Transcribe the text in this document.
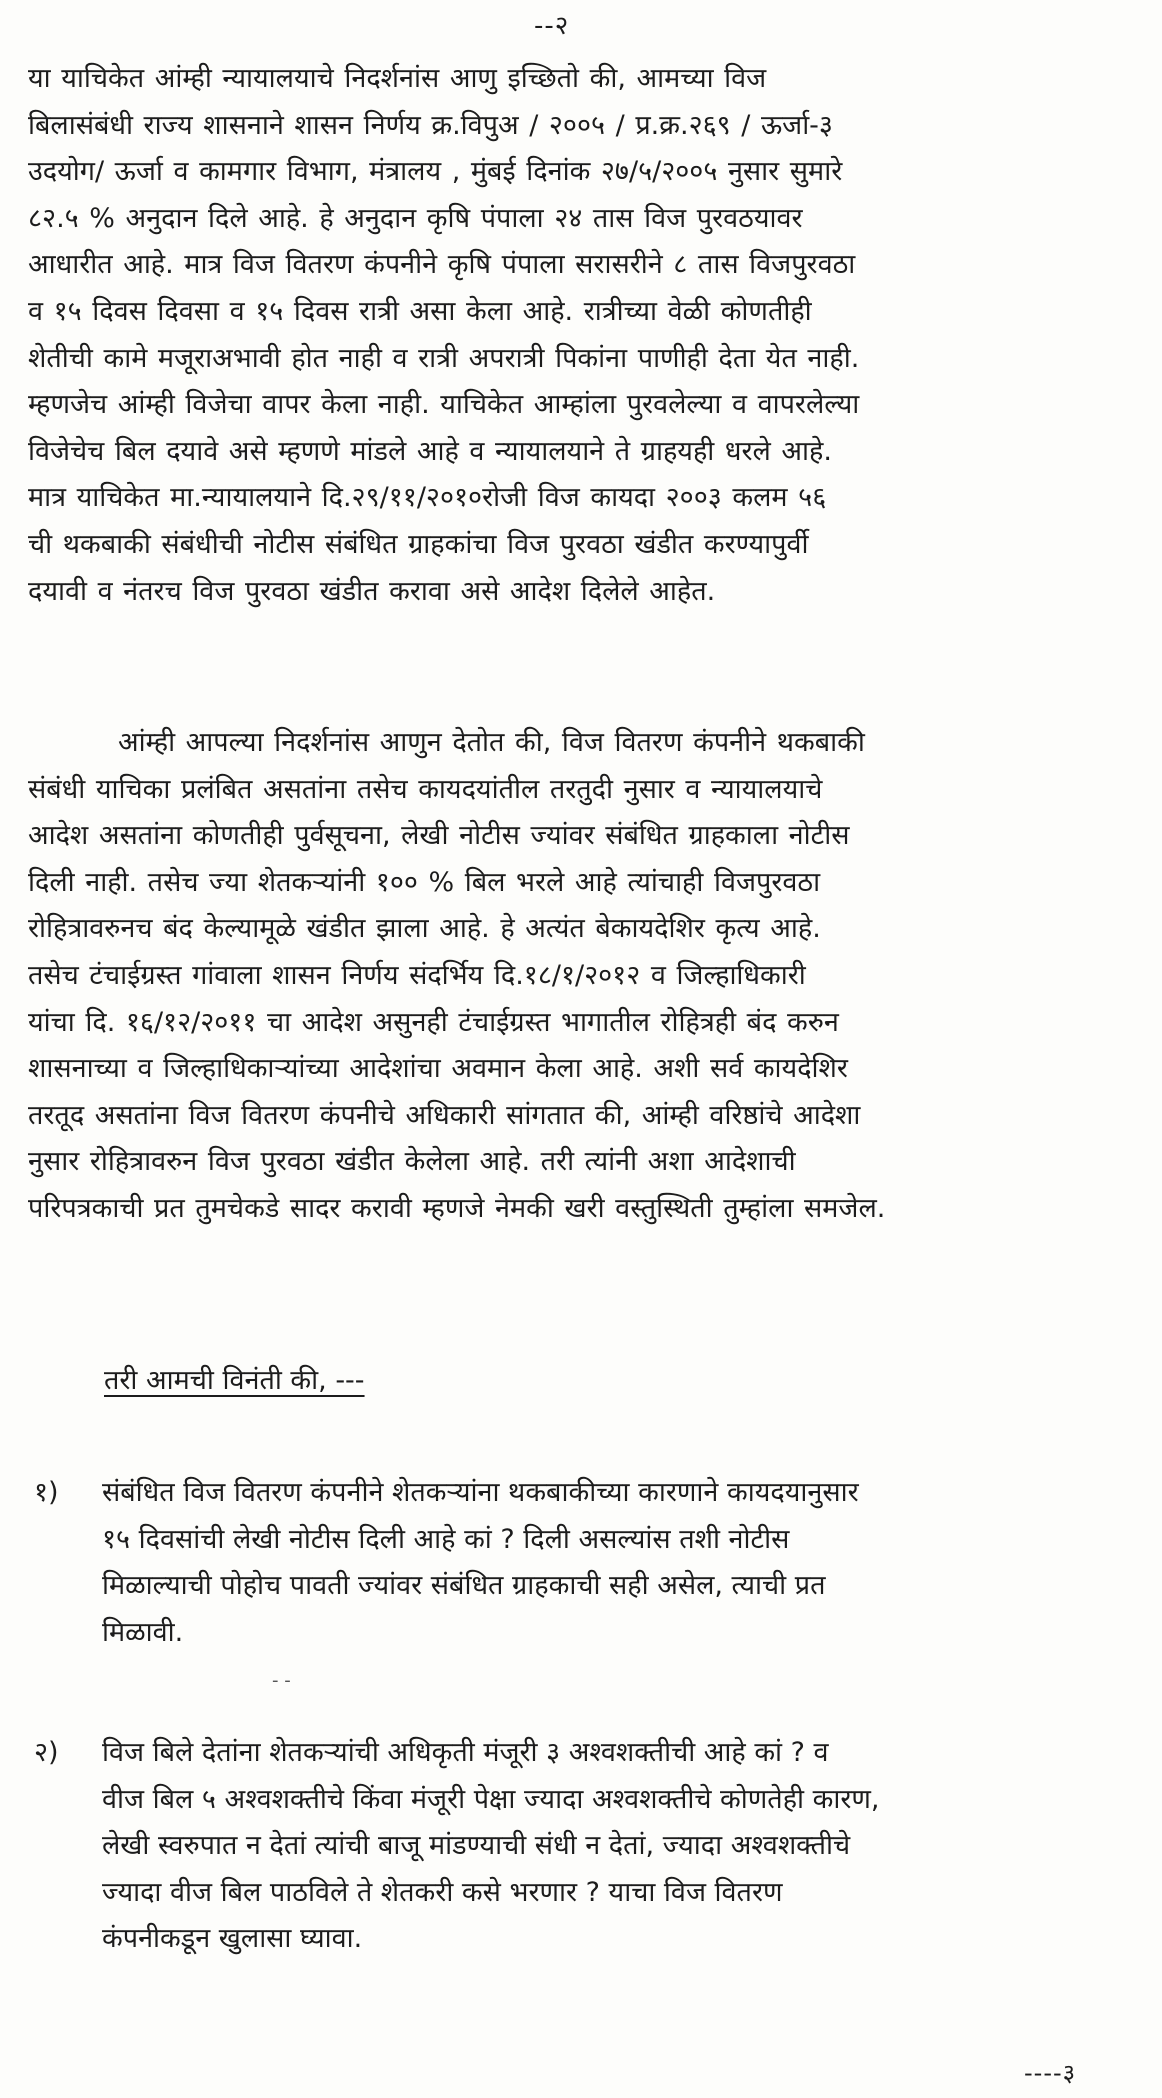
--२
या याचिकेत आंम्ही न्यायालयाचे निदर्शनांस आणु इच्छितो की, आमच्या विज
बिलासंबंधी राज्य शासनाने शासन निर्णय क्र.विपुअ / २००५ / प्र.क्र.२६९ / ऊर्जा-३
उदयोग/ ऊर्जा व कामगार विभाग, मंत्रालय , मुंबई दिनांक २७/५/२००५ नुसार सुमारे
८२.५ % अनुदान दिले आहे. हे अनुदान कृषि पंपाला २४ तास विज पुरवठयावर
आधारीत आहे. मात्र विज वितरण कंपनीने कृषि पंपाला सरासरीने ८ तास विजपुरवठा
व १५ दिवस दिवसा व १५ दिवस रात्री असा केला आहे. रात्रीच्या वेळी कोणतीही
शेतीची कामे मजूराअभावी होत नाही व रात्री अपरात्री पिकांना पाणीही देता येत नाही.
म्हणजेच आंम्ही विजेचा वापर केला नाही. याचिकेत आम्हांला पुरवलेल्या व वापरलेल्या
विजेचेच बिल दयावे असे म्हणणे मांडले आहे व न्यायालयाने ते ग्राहयही धरले आहे.
मात्र याचिकेत मा.न्यायालयाने दि.२९/११/२०१०रोजी विज कायदा २००३ कलम ५६
ची थकबाकी संबंधीची नोटीस संबंधित ग्राहकांचा विज पुरवठा खंडीत करण्यापुर्वी
दयावी व नंतरच विज पुरवठा खंडीत करावा असे आदेश दिलेले आहेत.
आंम्ही आपल्या निदर्शनांस आणुन देतोत की, विज वितरण कंपनीने थकबाकी
संबंधी याचिका प्रलंबित असतांना तसेच कायदयांतील तरतुदी नुसार व न्यायालयाचे
आदेश असतांना कोणतीही पुर्वसूचना, लेखी नोटीस ज्यांवर संबंधित ग्राहकाला नोटीस
दिली नाही. तसेच ज्या शेतकऱ्यांनी १०० % बिल भरले आहे त्यांचाही विजपुरवठा
रोहित्रावरुनच बंद केल्यामूळे खंडीत झाला आहे. हे अत्यंत बेकायदेशिर कृत्य आहे.
तसेच टंचाईग्रस्त गांवाला शासन निर्णय संदर्भिय दि.१८/१/२०१२ व जिल्हाधिकारी
यांचा दि. १६/१२/२०११ चा आदेश असुनही टंचाईग्रस्त भागातील रोहित्रही बंद करुन
शासनाच्या व जिल्हाधिकाऱ्यांच्या आदेशांचा अवमान केला आहे. अशी सर्व कायदेशिर
तरतूद असतांना विज वितरण कंपनीचे अधिकारी सांगतात की, आंम्ही वरिष्ठांचे आदेशा
नुसार रोहित्रावरुन विज पुरवठा खंडीत केलेला आहे. तरी त्यांनी अशा आदेशाची
परिपत्रकाची प्रत तुमचेकडे सादर करावी म्हणजे नेमकी खरी वस्तुस्थिती तुम्हांला समजेल.
तरी आमची विनंती की, ---
१)	संबंधित विज वितरण कंपनीने शेतकऱ्यांना थकबाकीच्या कारणाने कायदयानुसार
१५ दिवसांची लेखी नोटीस दिली आहे कां ? दिली असल्यांस तशी नोटीस
मिळाल्याची पोहोच पावती ज्यांवर संबंधित ग्राहकाची सही असेल, त्याची प्रत
मिळावी.
- -
२)	विज बिले देतांना शेतकऱ्यांची अधिकृती मंजूरी ३ अश्वशक्तीची आहे कां ? व
वीज बिल ५ अश्वशक्तीचे किंवा मंजूरी पेक्षा ज्यादा अश्वशक्तीचे कोणतेही कारण,
लेखी स्वरुपात न देतां त्यांची बाजू मांडण्याची संधी न देतां, ज्यादा अश्वशक्तीचे
ज्यादा वीज बिल पाठविले ते शेतकरी कसे भरणार ? याचा विज वितरण
कंपनीकडून खुलासा घ्यावा.
----३
